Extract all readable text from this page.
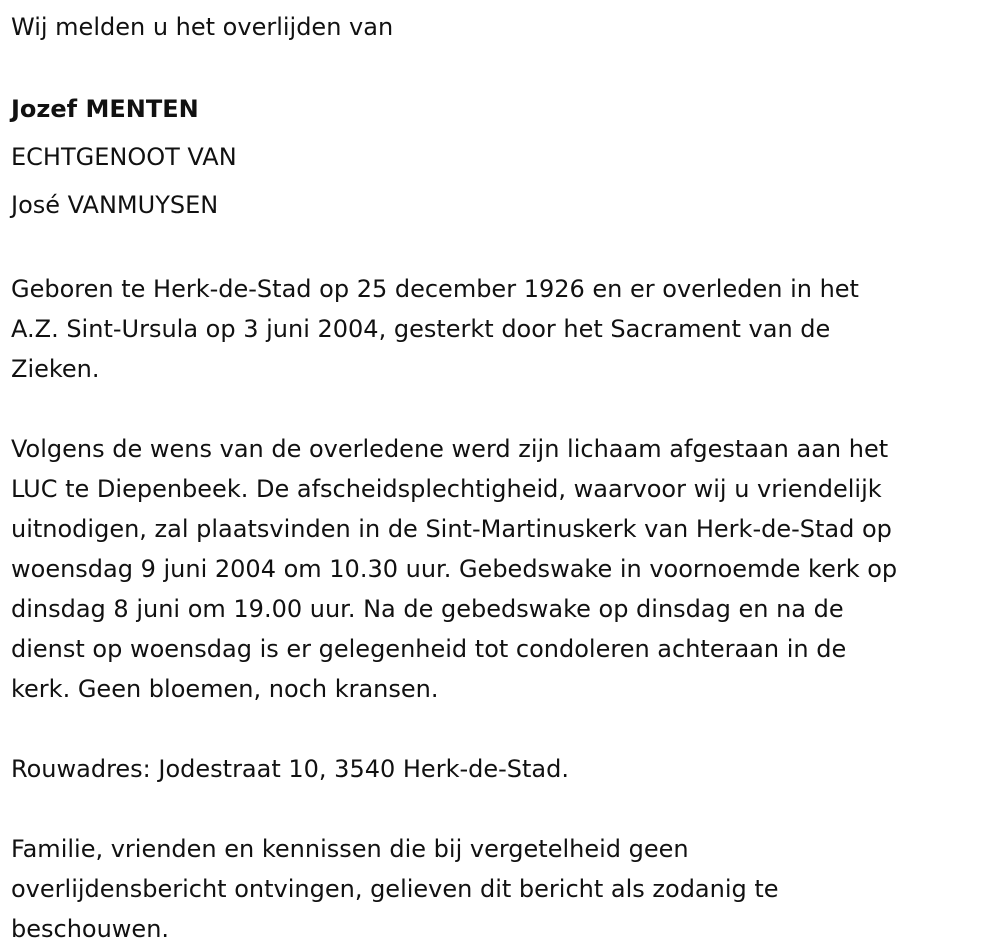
Wij melden u het overlijden van

Jozef MENTEN

ECHTGENOOT VAN

José VANMUYSEN

Geboren te Herk-de-Stad op 25 december 1926 en er overleden in het
A.Z. Sint-Ursula op 3 juni 2004, gesterkt door het Sacrament van de
Zieken.

Volgens de wens van de overledene werd zijn lichaam afgestaan aan het
LUC te Diepenbeek. De afscheidsplechtigheid, waarvoor wij u vriendelijk
uitnodigen, zal plaatsvinden in de Sint-Martinuskerk van Herk-de-Stad op
woensdag 9 juni 2004 om 10.30 uur. Gebedswake in voornoemde kerk op
dinsdag 8 juni om 19.00 uur. Na de gebedswake op dinsdag en na de
dienst op woensdag is er gelegenheid tot condoleren achteraan in de
kerk. Geen bloemen, noch kransen.

Rouwadres: Jodestraat 10, 3540 Herk-de-Stad.

Familie, vrienden en kennissen die bij vergetelheid geen
overlijdensbericht ontvingen, gelieven dit bericht als zodanig te
beschouwen.
